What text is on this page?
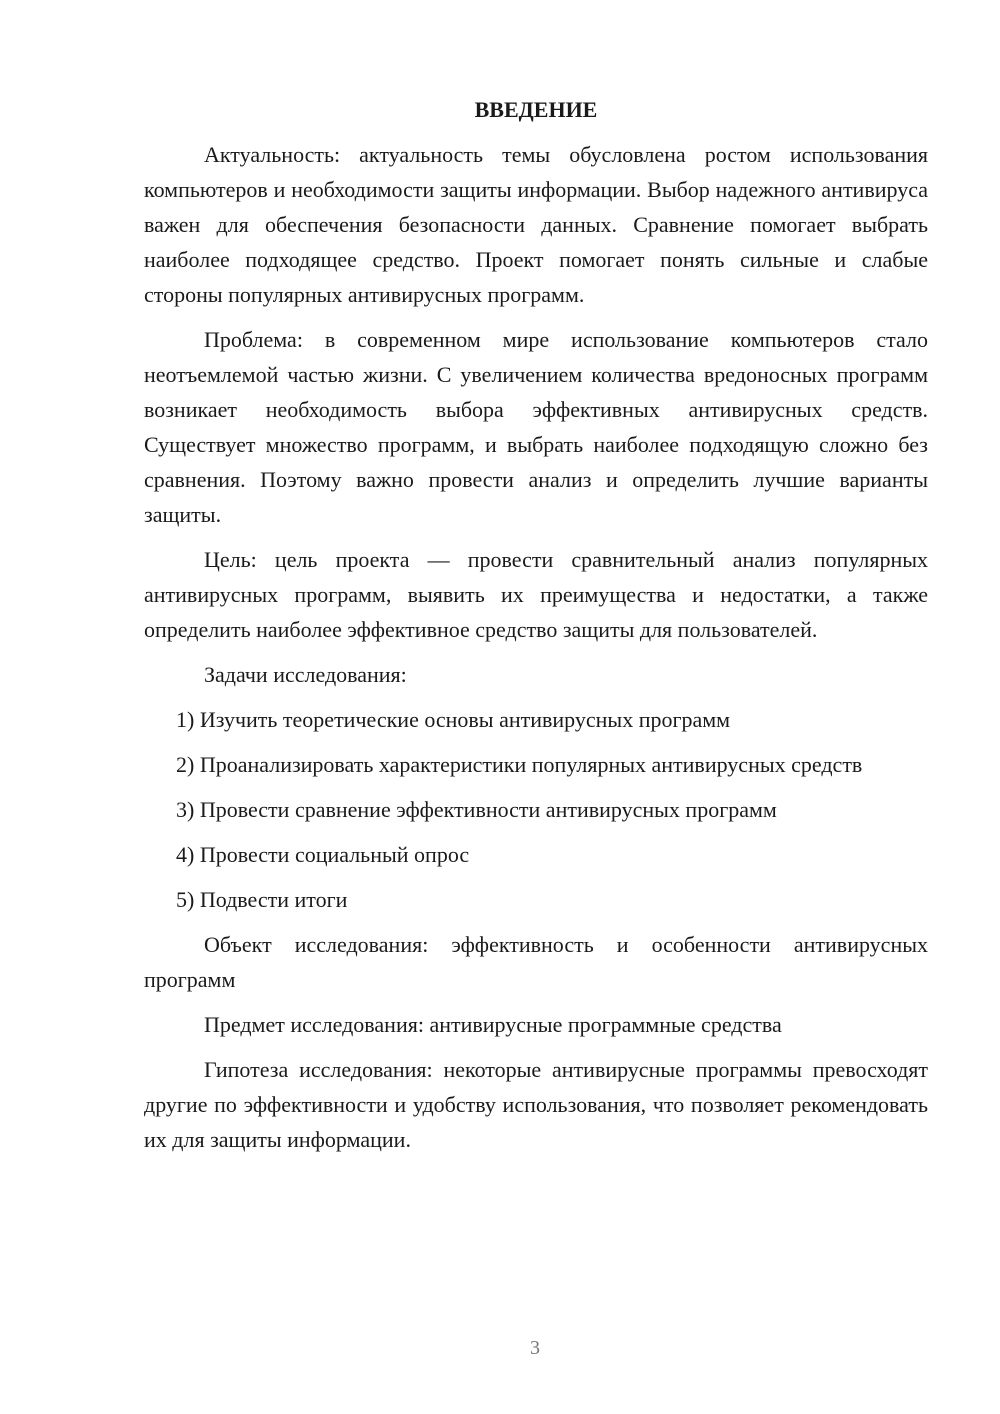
ВВЕДЕНИЕ

Актуальность: актуальность темы обусловлена ростом использования компьютеров и необходимости защиты информации. Выбор надежного антивируса важен для обеспечения безопасности данных. Сравнение помогает выбрать наиболее подходящее средство. Проект помогает понять сильные и слабые стороны популярных антивирусных программ.

Проблема: в современном мире использование компьютеров стало неотъемлемой частью жизни. С увеличением количества вредоносных программ возникает необходимость выбора эффективных антивирусных средств. Существует множество программ, и выбрать наиболее подходящую сложно без сравнения. Поэтому важно провести анализ и определить лучшие варианты защиты.

Цель: цель проекта — провести сравнительный анализ популярных антивирусных программ, выявить их преимущества и недостатки, а также определить наиболее эффективное средство защиты для пользователей.

Задачи исследования:

1) Изучить теоретические основы антивирусных программ

2) Проанализировать характеристики популярных антивирусных средств

3) Провести сравнение эффективности антивирусных программ

4) Провести социальный опрос

5) Подвести итоги

Объект исследования: эффективность и особенности антивирусных программ

Предмет исследования: антивирусные программные средства

Гипотеза исследования: некоторые антивирусные программы превосходят другие по эффективности и удобству использования, что позволяет рекомендовать их для защиты информации.

3
